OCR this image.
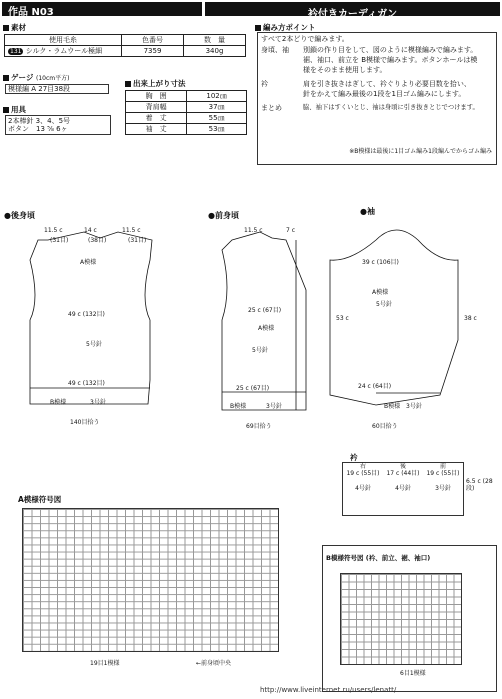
作品 N03	衿付きカーディガン
素材
使用毛糸	色番号	数　量
131 シルク・ラムウール極細	7359	340g
ゲージ (10cm平方)
模様編 A 27目38段
用具
2本棒針 3、4、5号
ボタン　13 ⅝ 6ヶ
出来上がり寸法
胸　囲	102㎝
背肩幅	37㎝
着　丈	55㎝
袖　丈	53㎝
編み方ポイント
すべて2本どりで編みます。
身頃、袖	別鎖の作り目をして、図のように模様編みで編みます。
裾、袖口、前立を B模様で編みます。ボタンホールは模
様をそのまま使用します。
衿	肩を引き抜きはぎして、衿ぐりより必要目数を拾い、
針をかえて編み最後の1段を1目ゴム編みにします。
まとめ	脇、袖下はすくいとじ、袖は身頃に引き抜きとじでつけます。
※B模様は最後に1目ゴム編み1段編んでからゴム編み
●後身頃	●前身頃	●袖
11.5 c	14 c	11.5 c
(31目)	(38目)	(31目)
A模様
49 c (132目)
5号針
49 c (132目)
B模様	3号針
140目拾う
11.5 c	7 c
A模様
25 c (67目)
5号針
25 c (67目)
B模様	3号針
69目拾う
A模様
5号針
39 c (106目)
24 c (64目)
B模様 3号針
60目拾う
53 c	38 c
衿
右	後	前
19 c (55目) 17 c (44目) 19 c (55目)
4号針	4号針	3号針
6.5 c (28段)
A模様符号図
19目1模様	←前身頃中央
B模様符号図 (衿、前立、裾、袖口)
6目1模様
http://www.liveinternet.ru/users/lenatt/
